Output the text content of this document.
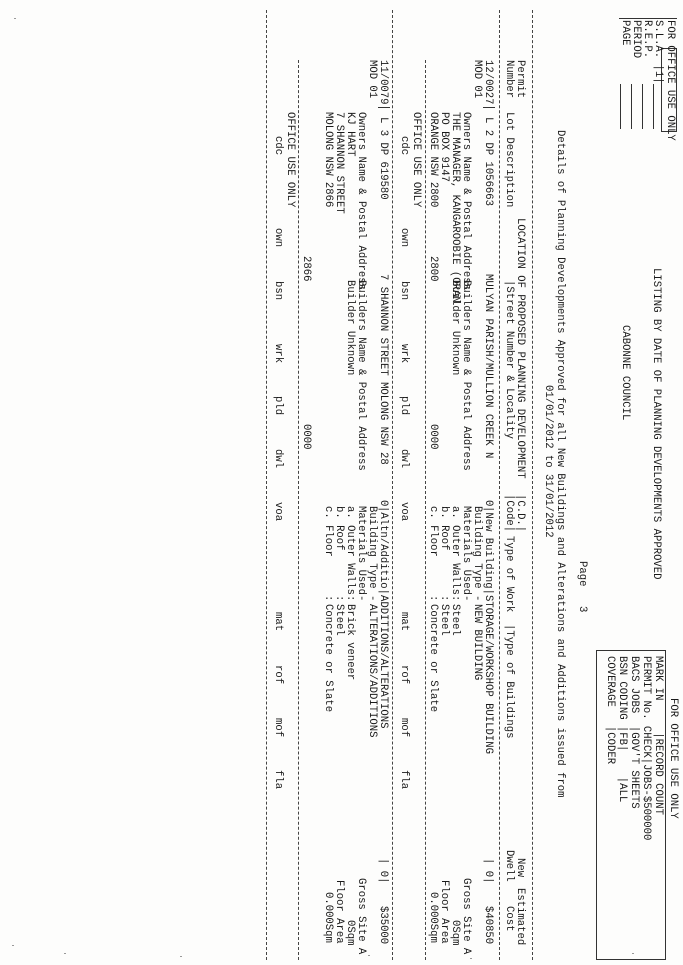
FOR OFFICE USE ONLY
S.L.A. |1|
R.E.P.
PERIOD
PAGE
LISTING BY DATE OF PLANNING DEVELOPMENTS APPROVED
CABONNE COUNCIL
Page
3
Details of Planning Developments Approved for all New Buildings and Alterations and Additions issued from
01/01/2012 to 31/01/2012
FOR OFFICE USE ONLY
MARK IN     |RECORD COUNT
PERMIT No. CHECK|JOBS-$500000
BACS JOBS  |GOV'T SHEETS
BSN CODING |FB|    |ALL
COVERAGE   |CODER
Permit
Number
Lot Description
LOCATION OF PROPOSED PLANNING DEVELOPMENT
|Street Number & Locality
|C.D.|
|Code|
Type of Work
|Type of Buildings
New
Dwell
Estimated
Cost
12/0027
MOD 01
L 2 DP 1056663
MULYAN PARISH/MULLION CREEK N
0
|New Building|
STORAGE/WORKSHOP BUILDING
| 0|
$40850
Owners Name & Postal Address
THE MANAGER, KANGAROOBIE (ORAN
PO BOX 9147
ORANGE NSW 2800
2800
Builders Name & Postal Address
Builder Unknown
0000
Building Type -
Materials Used-
a. Outer Walls:
b. Roof       :
c. Floor      :
NEW BUILDING
Steel
Steel
Concrete or Slate
Gross Site A
0Sqm
Floor Area
0.000Sqm
OFFICE USE ONLY
cdc
own
bsn
wrk
pld
dwl
voa
mat
rof
mof
fla
11/0079
MOD 01
L 3 DP 619580
7 SHANNON STREET MOLONG NSW 28
0
|Altn/Additio|
ADDITIONS/ALTERATIONS
| 0|
$35000
Owners Name & Postal Address
KJ HART
7 SHANNON STREET
MOLONG NSW 2866
2866
Builders Name & Postal Address
Builder Unknown
0000
Building Type -
Materials Used-
a. Outer Walls:
b. Roof       :
c. Floor      :
ALTERATIONS/ADDITIONS
Brick veneer
Steel
Concrete or Slate
Gross Site A
0Sqm
Floor Area
0.000Sqm
OFFICE USE ONLY
cdc
own
bsn
wrk
pld
dwl
voa
mat
rof
mof
fla
